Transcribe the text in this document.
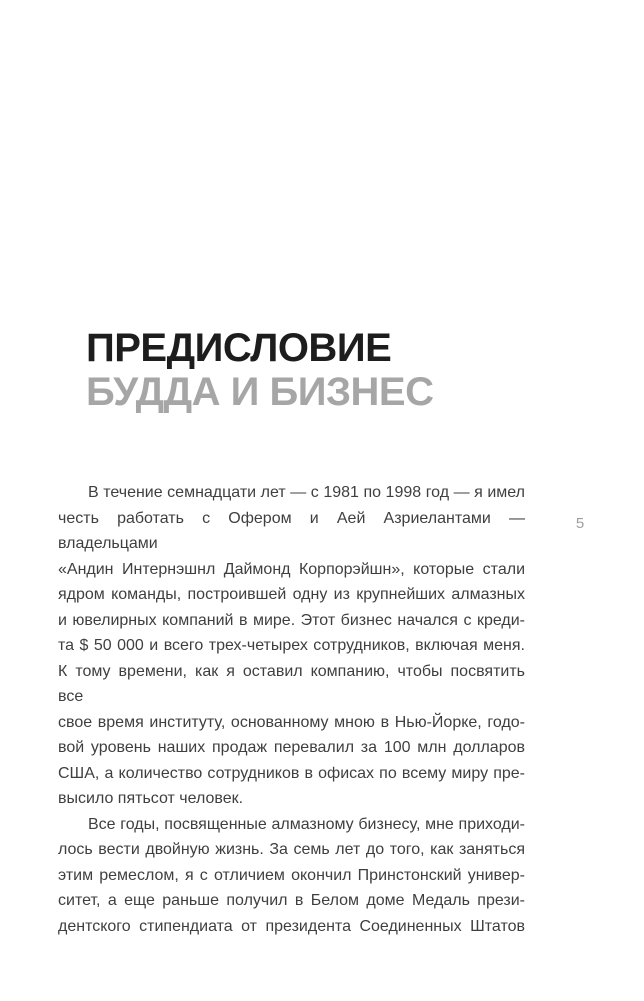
ПРЕДИСЛОВИЕ
БУДДА И БИЗНЕС
5
В течение семнадцати лет — с 1981 по 1998 год — я имел
честь работать с Офером и Аей Азриелантами — владельцами
«Андин Интернэшнл Даймонд Корпорэйшн», которые стали
ядром команды, построившей одну из крупнейших алмазных
и ювелирных компаний в мире. Этот бизнес начался с креди-
та $ 50 000 и всего трех-четырех сотрудников, включая меня.
К тому времени, как я оставил компанию, чтобы посвятить все
свое время институту, основанному мною в Нью-Йорке, годо-
вой уровень наших продаж перевалил за 100 млн долларов
США, а количество сотрудников в офисах по всему миру пре-
высило пятьсот человек.
Все годы, посвященные алмазному бизнесу, мне приходи-
лось вести двойную жизнь. За семь лет до того, как заняться
этим ремеслом, я с отличием окончил Принстонский универ-
ситет, а еще раньше получил в Белом доме Медаль прези-
дентского стипендиата от президента Соединенных Штатов
